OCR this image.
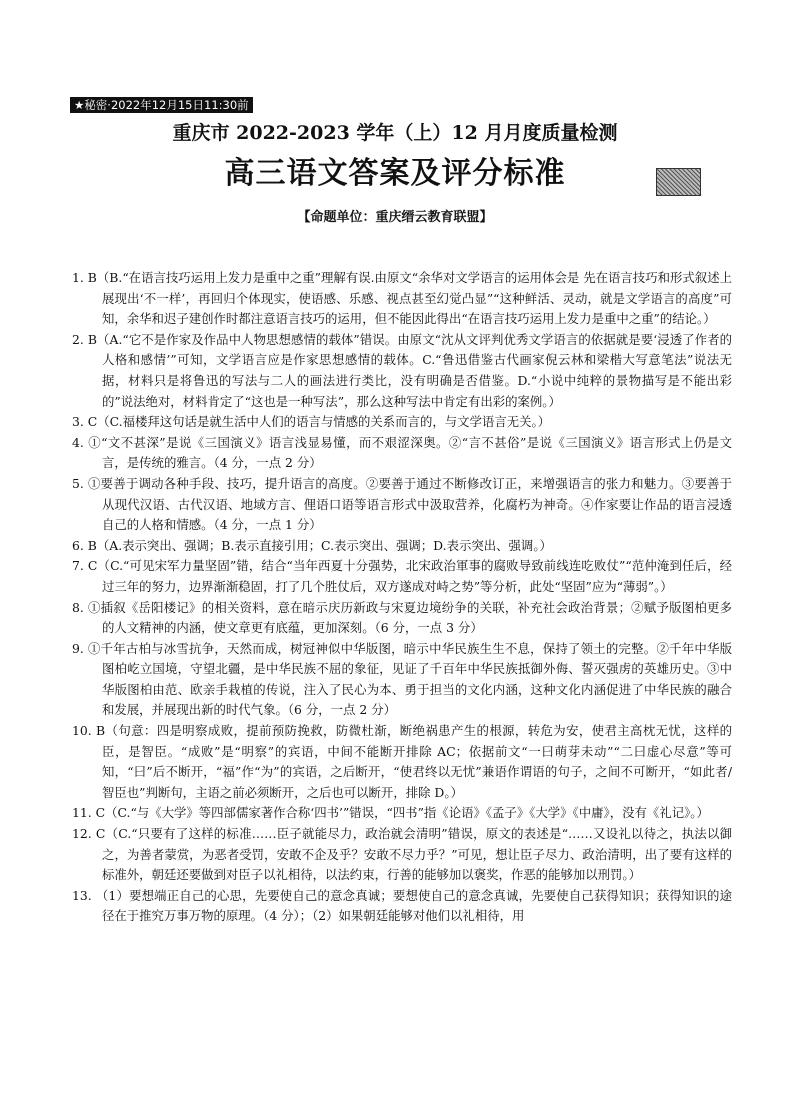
★秘密·2022年12月15日11:30前
重庆市 2022-2023 学年（上）12 月月度质量检测
高三语文答案及评分标准
【命题单位：重庆缙云教育联盟】
1. B（B.“在语言技巧运用上发力是重中之重”理解有误.由原文“余华对文学语言的运用体会是 先在语言技巧和形式叙述上展现出‘不一样’，再回归个体现实，使语感、乐感、视点甚至幻觉凸显”“这种鲜活、灵动，就是文学语言的高度”可知，余华和迟子建创作时都注意语言技巧的运用，但不能因此得出“在语言技巧运用上发力是重中之重”的结论。）
2. B（A.“它不是作家及作品中人物思想感情的载体”错误。由原文“沈从文评判优秀文学语言的依据就是要‘浸透了作者的人格和感情’”可知，文学语言应是作家思想感情的载体。C.“鲁迅借鉴古代画家倪云林和梁楷大写意笔法”说法无据，材料只是将鲁迅的写法与二人的画法进行类比，没有明确是否借鉴。D.“小说中纯粹的景物描写是不能出彩的”说法绝对，材料肯定了“这也是一种写法”，那么这种写法中肯定有出彩的案例。）
3. C（C.福楼拜这句话是就生活中人们的语言与情感的关系而言的，与文学语言无关。）
4. ①“文不甚深”是说《三国演义》语言浅显易懂，而不艰涩深奥。②“言不甚俗”是说《三国演义》语言形式上仍是文言，是传统的雅言。（4 分，一点 2 分）
5. ①要善于调动各种手段、技巧，提升语言的高度。②要善于通过不断修改订正，来增强语言的张力和魅力。③要善于从现代汉语、古代汉语、地域方言、俚语口语等语言形式中汲取营养，化腐朽为神奇。④作家要让作品的语言浸透自己的人格和情感。（4 分，一点 1 分）
6. B（A.表示突出、强调；B.表示直接引用；C.表示突出、强调；D.表示突出、强调。）
7. C（C.“可见宋军力量坚固”错，结合“当年西夏十分强势，北宋政治軍事的腐败导致前线连吃败仗”“范仲淹到任后，经过三年的努力，边界渐渐稳固，打了几个胜仗后，双方遂成对峙之势”等分析，此处“坚固”应为“薄弱”。）
8. ①插叙《岳阳楼记》的相关资料，意在暗示庆历新政与宋夏边境纷争的关联，补充社会政治背景；②赋予版图柏更多的人文精神的内涵，使文章更有底蕴，更加深刻。（6 分，一点 3 分）
9. ①千年古柏与冰雪抗争，天然而成，树冠神似中华版图，暗示中华民族生生不息，保持了领土的完整。②千年中华版图柏屹立国境，守望北疆，是中华民族不屈的象征，见证了千百年中华民族抵御外侮、誓灭强虏的英雄历史。③中华版图柏由范、欧亲手栽植的传说，注入了民心为本、勇于担当的文化内涵，这种文化内涵促进了中华民族的融合和发展，并展现出新的时代气象。（6 分，一点 2 分）
10. B（句意：四是明察成败，提前预防挽救，防微杜渐，断绝祸患产生的根源，转危为安，使君主高枕无忧，这样的臣，是智臣。“成败”是“明察”的宾语，中间不能断开排除 AC；依据前文“一曰萌芽未动”“二曰虚心尽意”等可知，“曰”后不断开，“福”作“为”的宾语，之后断开，“使君终以无忧”兼语作谓语的句子，之间不可断开，“如此者/智臣也”判断句，主语之前必须断开，之后也可以断开，排除 D。）
11. C（C.“与《大学》等四部儒家著作合称‘四书’”错误，“四书”指《论语》《孟子》《大学》《中庸》，没有《礼记》。）
12. C（C.“只要有了这样的标准……臣子就能尽力，政治就会清明”错误，原文的表述是“……又设礼以待之，执法以御之，为善者蒙赏，为恶者受罚，安敢不企及乎？安敢不尽力乎？”可见，想让臣子尽力、政治清明，出了要有这样的标准外，朝廷还要做到对臣子以礼相待，以法约束，行善的能够加以褒奖，作恶的能够加以刑罚。）
13. （1）要想端正自己的心思，先要使自己的意念真诚；要想使自己的意念真诚，先要使自己获得知识；获得知识的途径在于推究万事万物的原理。（4 分）；（2）如果朝廷能够对他们以礼相待，用
